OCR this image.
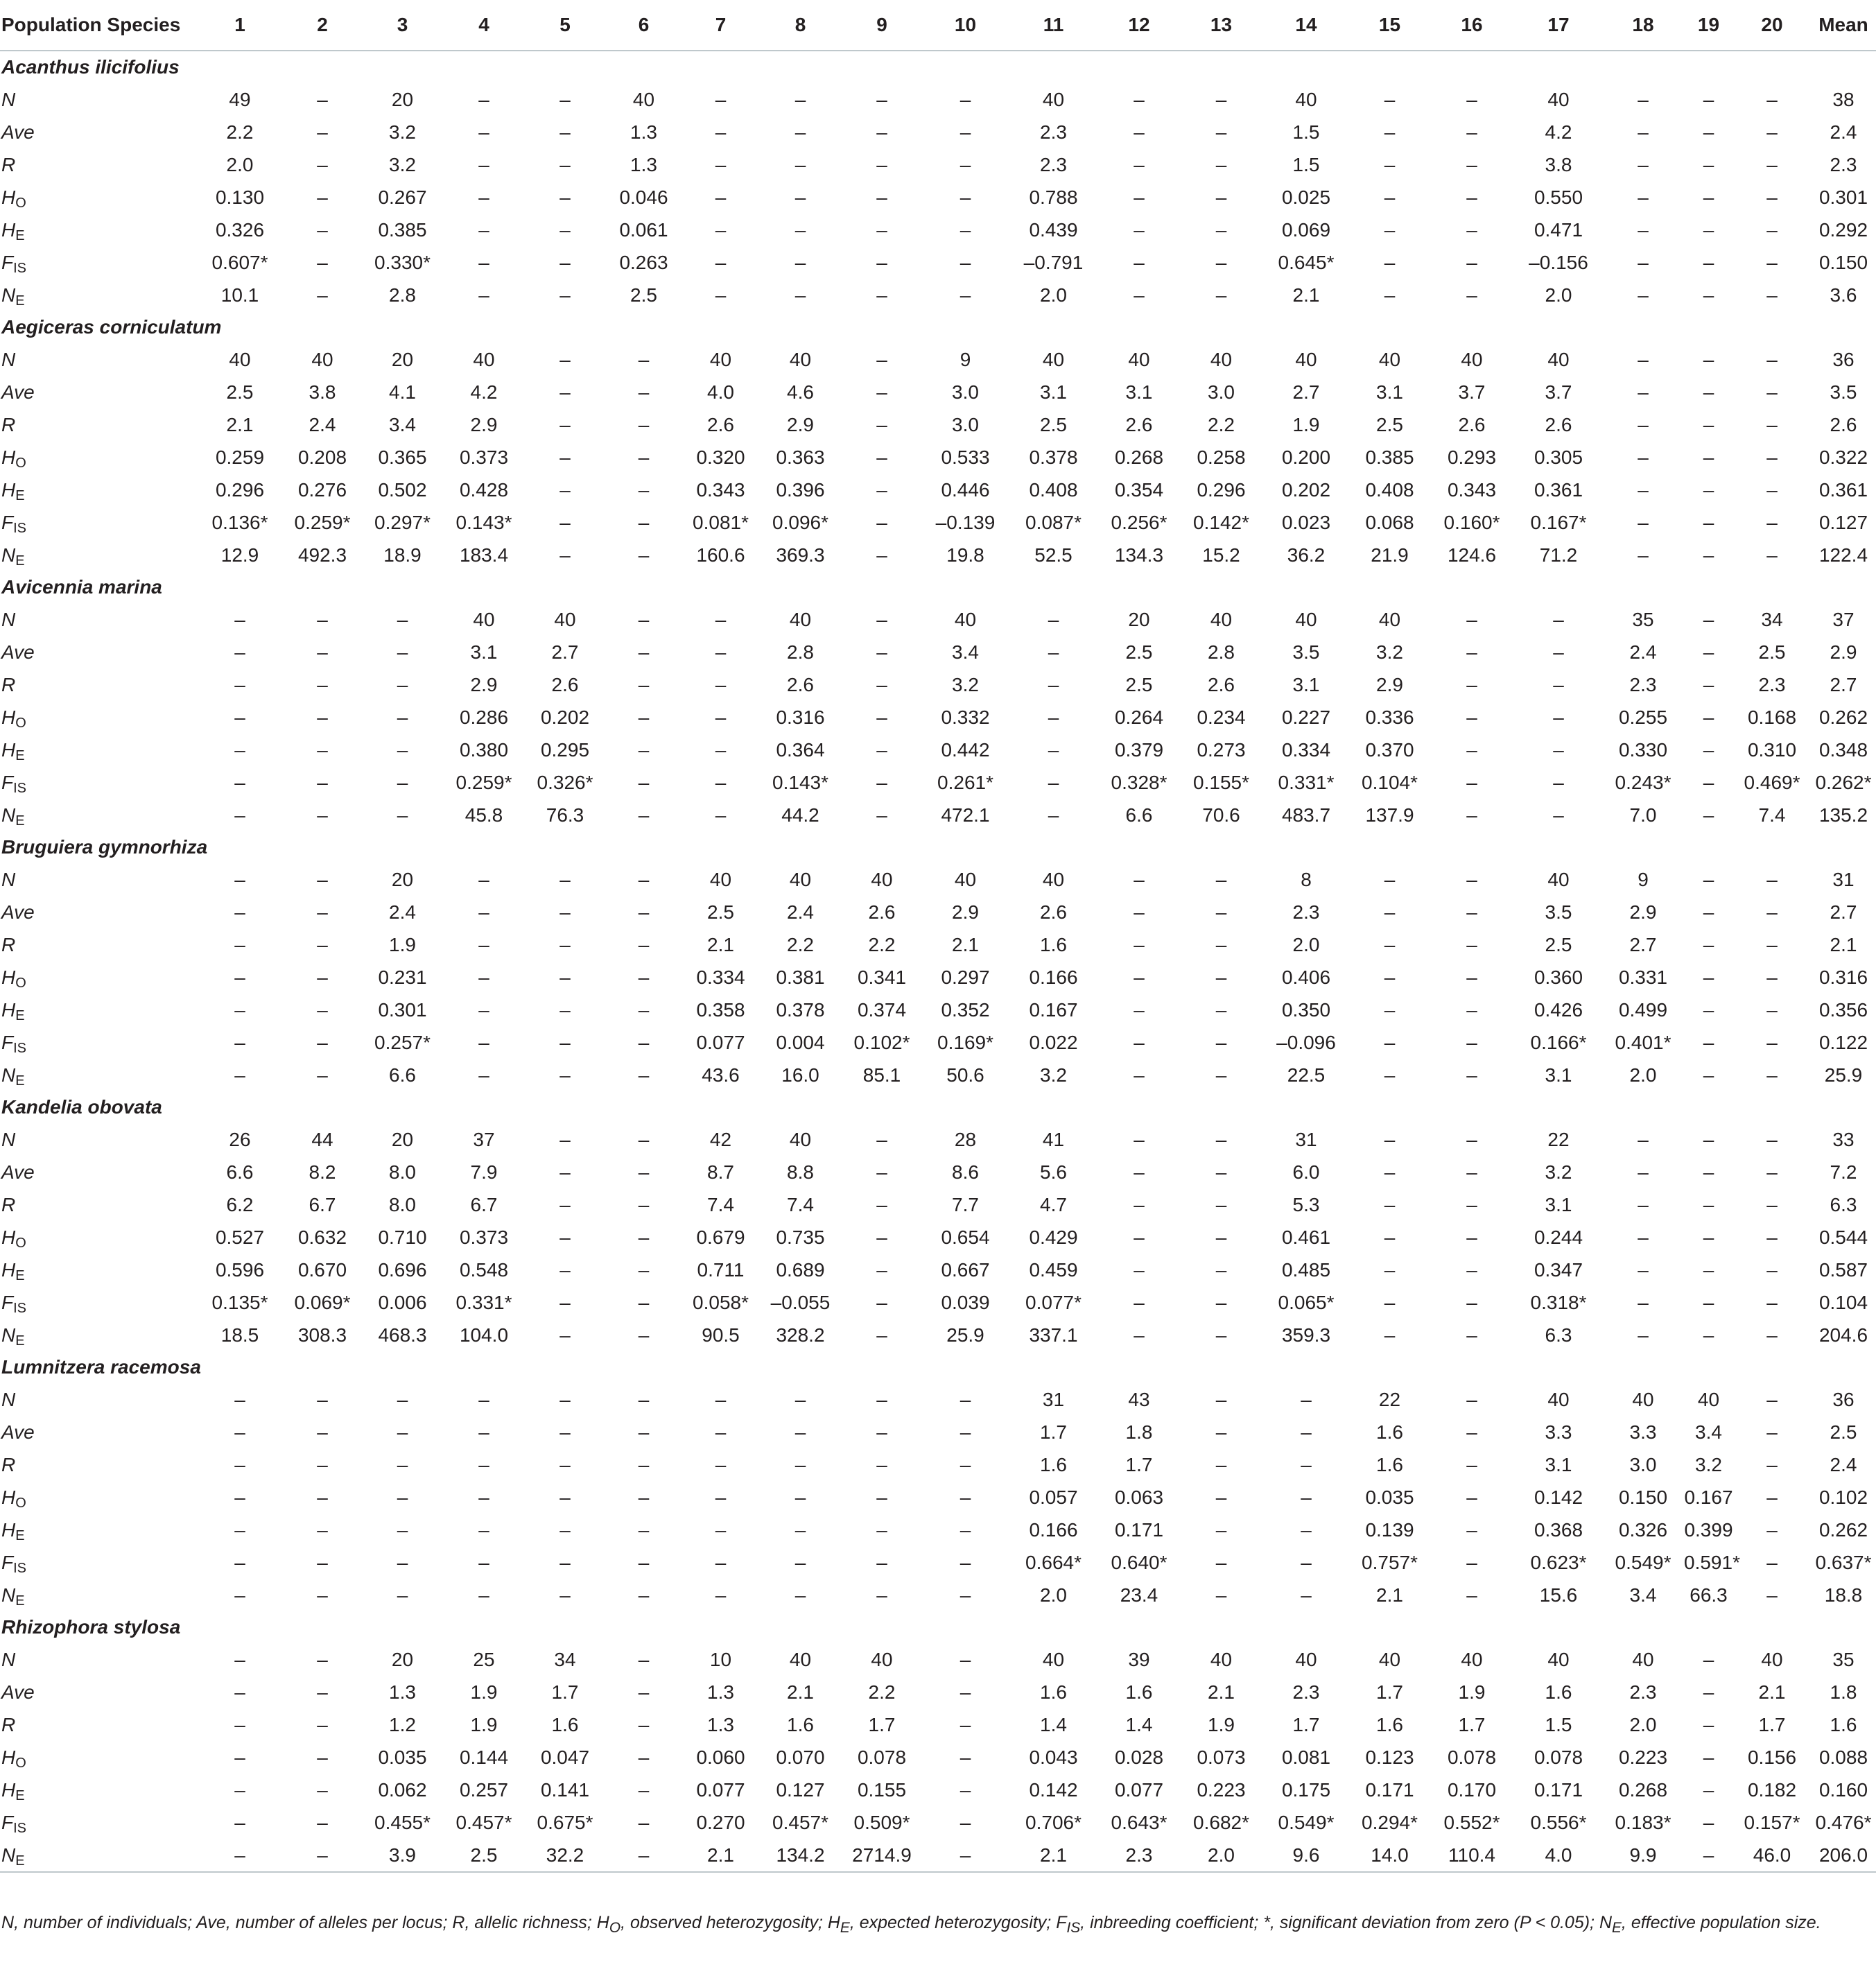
Population Species	1	2	3	4	5	6	7	8	9	10	11	12	13	14	15	16	17	18	19	20	Mean
Acanthus ilicifolius																					
N	49	–	20	–	–	40	–	–	–	–	40	–	–	40	–	–	40	–	–	–	38
Ave	2.2	–	3.2	–	–	1.3	–	–	–	–	2.3	–	–	1.5	–	–	4.2	–	–	–	2.4
R	2.0	–	3.2	–	–	1.3	–	–	–	–	2.3	–	–	1.5	–	–	3.8	–	–	–	2.3
$H_O$	0.130	–	0.267	–	–	0.046	–	–	–	–	0.788	–	–	0.025	–	–	0.550	–	–	–	0.301
$H_E$	0.326	–	0.385	–	–	0.061	–	–	–	–	0.439	–	–	0.069	–	–	0.471	–	–	–	0.292
$F_{IS}$	0.607*	–	0.330*	–	–	0.263	–	–	–	–	–0.791	–	–	0.645*	–	–	–0.156	–	–	–	0.150
$N_E$	10.1	–	2.8	–	–	2.5	–	–	–	–	2.0	–	–	2.1	–	–	2.0	–	–	–	3.6
Aegiceras corniculatum																					
N	40	40	20	40	–	–	40	40	–	9	40	40	40	40	40	40	40	–	–	–	36
Ave	2.5	3.8	4.1	4.2	–	–	4.0	4.6	–	3.0	3.1	3.1	3.0	2.7	3.1	3.7	3.7	–	–	–	3.5
R	2.1	2.4	3.4	2.9	–	–	2.6	2.9	–	3.0	2.5	2.6	2.2	1.9	2.5	2.6	2.6	–	–	–	2.6
$H_O$	0.259	0.208	0.365	0.373	–	–	0.320	0.363	–	0.533	0.378	0.268	0.258	0.200	0.385	0.293	0.305	–	–	–	0.322
$H_E$	0.296	0.276	0.502	0.428	–	–	0.343	0.396	–	0.446	0.408	0.354	0.296	0.202	0.408	0.343	0.361	–	–	–	0.361
$F_{IS}$	0.136*	0.259*	0.297*	0.143*	–	–	0.081*	0.096*	–	–0.139	0.087*	0.256*	0.142*	0.023	0.068	0.160*	0.167*	–	–	–	0.127
$N_E$	12.9	492.3	18.9	183.4	–	–	160.6	369.3	–	19.8	52.5	134.3	15.2	36.2	21.9	124.6	71.2	–	–	–	122.4
Avicennia marina																					
N	–	–	–	40	40	–	–	40	–	40	–	20	40	40	40	–	–	35	–	34	37
Ave	–	–	–	3.1	2.7	–	–	2.8	–	3.4	–	2.5	2.8	3.5	3.2	–	–	2.4	–	2.5	2.9
R	–	–	–	2.9	2.6	–	–	2.6	–	3.2	–	2.5	2.6	3.1	2.9	–	–	2.3	–	2.3	2.7
$H_O$	–	–	–	0.286	0.202	–	–	0.316	–	0.332	–	0.264	0.234	0.227	0.336	–	–	0.255	–	0.168	0.262
$H_E$	–	–	–	0.380	0.295	–	–	0.364	–	0.442	–	0.379	0.273	0.334	0.370	–	–	0.330	–	0.310	0.348
$F_{IS}$	–	–	–	0.259*	0.326*	–	–	0.143*	–	0.261*	–	0.328*	0.155*	0.331*	0.104*	–	–	0.243*	–	0.469*	0.262*
$N_E$	–	–	–	45.8	76.3	–	–	44.2	–	472.1	–	6.6	70.6	483.7	137.9	–	–	7.0	–	7.4	135.2
Bruguiera gymnorhiza																					
N	–	–	20	–	–	–	40	40	40	40	40	–	–	8	–	–	40	9	–	–	31
Ave	–	–	2.4	–	–	–	2.5	2.4	2.6	2.9	2.6	–	–	2.3	–	–	3.5	2.9	–	–	2.7
R	–	–	1.9	–	–	–	2.1	2.2	2.2	2.1	1.6	–	–	2.0	–	–	2.5	2.7	–	–	2.1
$H_O$	–	–	0.231	–	–	–	0.334	0.381	0.341	0.297	0.166	–	–	0.406	–	–	0.360	0.331	–	–	0.316
$H_E$	–	–	0.301	–	–	–	0.358	0.378	0.374	0.352	0.167	–	–	0.350	–	–	0.426	0.499	–	–	0.356
$F_{IS}$	–	–	0.257*	–	–	–	0.077	0.004	0.102*	0.169*	0.022	–	–	–0.096	–	–	0.166*	0.401*	–	–	0.122
$N_E$	–	–	6.6	–	–	–	43.6	16.0	85.1	50.6	3.2	–	–	22.5	–	–	3.1	2.0	–	–	25.9
Kandelia obovata																					
N	26	44	20	37	–	–	42	40	–	28	41	–	–	31	–	–	22	–	–	–	33
Ave	6.6	8.2	8.0	7.9	–	–	8.7	8.8	–	8.6	5.6	–	–	6.0	–	–	3.2	–	–	–	7.2
R	6.2	6.7	8.0	6.7	–	–	7.4	7.4	–	7.7	4.7	–	–	5.3	–	–	3.1	–	–	–	6.3
$H_O$	0.527	0.632	0.710	0.373	–	–	0.679	0.735	–	0.654	0.429	–	–	0.461	–	–	0.244	–	–	–	0.544
$H_E$	0.596	0.670	0.696	0.548	–	–	0.711	0.689	–	0.667	0.459	–	–	0.485	–	–	0.347	–	–	–	0.587
$F_{IS}$	0.135*	0.069*	0.006	0.331*	–	–	0.058*	–0.055	–	0.039	0.077*	–	–	0.065*	–	–	0.318*	–	–	–	0.104
$N_E$	18.5	308.3	468.3	104.0	–	–	90.5	328.2	–	25.9	337.1	–	–	359.3	–	–	6.3	–	–	–	204.6
Lumnitzera racemosa																					
N	–	–	–	–	–	–	–	–	–	–	31	43	–	–	22	–	40	40	40	–	36
Ave	–	–	–	–	–	–	–	–	–	–	1.7	1.8	–	–	1.6	–	3.3	3.3	3.4	–	2.5
R	–	–	–	–	–	–	–	–	–	–	1.6	1.7	–	–	1.6	–	3.1	3.0	3.2	–	2.4
$H_O$	–	–	–	–	–	–	–	–	–	–	0.057	0.063	–	–	0.035	–	0.142	0.150	0.167	–	0.102
$H_E$	–	–	–	–	–	–	–	–	–	–	0.166	0.171	–	–	0.139	–	0.368	0.326	0.399	–	0.262
$F_{IS}$	–	–	–	–	–	–	–	–	–	–	0.664*	0.640*	–	–	0.757*	–	0.623*	0.549*	0.591*	–	0.637*
$N_E$	–	–	–	–	–	–	–	–	–	–	2.0	23.4	–	–	2.1	–	15.6	3.4	66.3	–	18.8
Rhizophora stylosa																					
N	–	–	20	25	34	–	10	40	40	–	40	39	40	40	40	40	40	40	–	40	35
Ave	–	–	1.3	1.9	1.7	–	1.3	2.1	2.2	–	1.6	1.6	2.1	2.3	1.7	1.9	1.6	2.3	–	2.1	1.8
R	–	–	1.2	1.9	1.6	–	1.3	1.6	1.7	–	1.4	1.4	1.9	1.7	1.6	1.7	1.5	2.0	–	1.7	1.6
$H_O$	–	–	0.035	0.144	0.047	–	0.060	0.070	0.078	–	0.043	0.028	0.073	0.081	0.123	0.078	0.078	0.223	–	0.156	0.088
$H_E$	–	–	0.062	0.257	0.141	–	0.077	0.127	0.155	–	0.142	0.077	0.223	0.175	0.171	0.170	0.171	0.268	–	0.182	0.160
$F_{IS}$	–	–	0.455*	0.457*	0.675*	–	0.270	0.457*	0.509*	–	0.706*	0.643*	0.682*	0.549*	0.294*	0.552*	0.556*	0.183*	–	0.157*	0.476*
$N_E$	–	–	3.9	2.5	32.2	–	2.1	134.2	2714.9	–	2.1	2.3	2.0	9.6	14.0	110.4	4.0	9.9	–	46.0	206.0
N, number of individuals; Ave, number of alleles per locus; R, allelic richness; $H_O$, observed heterozygosity; $H_E$, expected heterozygosity; $F_{IS}$, inbreeding coefficient; *, significant deviation from zero (P < 0.05); $N_E$, effective population size.
